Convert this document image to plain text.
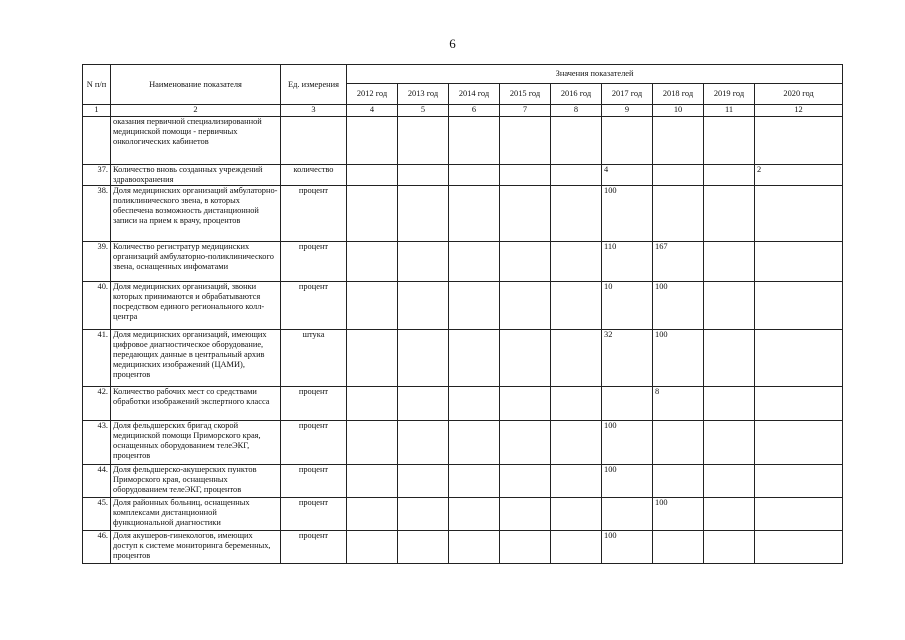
6
N п/п	Наименование показателя	Ед. измерения	Значения показателей								
			2012 год	2013 год	2014 год	2015 год	2016 год	2017 год	2018 год	2019 год	2020 год
1	2	3	4	5	6	7	8	9	10	11	12
	оказания первичной специализированной медицинской помощи - первичных онкологических кабинетов										
37.	Количество вновь созданных учреждений здравоохранения	количество						4			2
38.	Доля медицинских организаций амбулаторно-поликлинического звена, в которых обеспечена возможность дистанционной записи на прием к врачу, процентов	процент						100			
39.	Количество регистратур медицинских организаций амбулаторно-поликлинического звена, оснащенных инфоматами	процент						110	167		
40.	Доля медицинских организаций, звонки которых принимаются и обрабатываются посредством единого регионального колл-центра	процент						10	100		
41.	Доля медицинских организаций, имеющих цифровое диагностическое оборудование, передающих данные в центральный архив медицинских изображений (ЦАМИ), процентов	штука						32	100		
42.	Количество рабочих мест со средствами обработки изображений экспертного класса	процент							8		
43.	Доля фельдшерских бригад скорой медицинской помощи Приморского края, оснащенных оборудованием телеЭКГ, процентов	процент						100			
44.	Доля фельдшерско-акушерских пунктов Приморского края, оснащенных оборудованием телеЭКГ, процентов	процент						100			
45.	Доля районных больниц, оснащенных комплексами дистанционной функциональной диагностики	процент							100		
46.	Доля акушеров-гинекологов, имеющих доступ к системе мониторинга беременных, процентов	процент						100			
